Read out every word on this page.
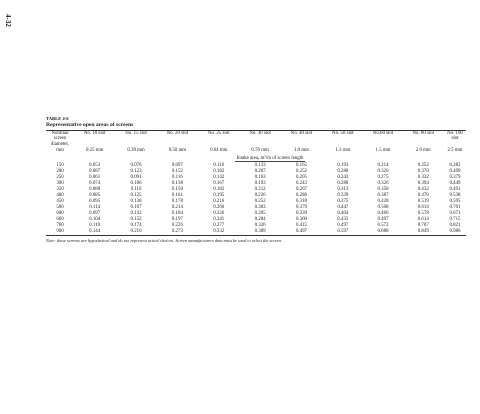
4-32
TABLE 4-6
Representative open areas of screens
Nominal
screen
diameter,	No. 10 slot	No. 15 slot	No. 20 slot	No. 25 slot	No. 30 slot	No. 40 slot	No. 50 slot	No.60 slot	No. 80 slot	No. 100 slot
mm	0.25 mm	0.38 mm	0.50 mm	0.64 mm	0.76 mm	1.0 mm	1.3 mm	1.5 mm	2.0 mm	2.5 mm
	Intake area, m²/m of screen length									
150	0.053	0.076	0.097	0.116	0.133	0.165	0.193	0.214	0.252	0.282
200	0.087	0.123	0.152	0.182	0.207	0.252	0.288	0.320	0.370	0.409
250	0.061	0.091	0.116	0.142	0.163	0.205	0.243	0.275	0.332	0.379
300	0.074	0.106	0.138	0.167	0.193	0.243	0.288	0.326	0.394	0.449
350	0.080	0.116	0.150	0.182	0.212	0.267	0.313	0.358	0.432	0.491
400	0.085	0.125	0.161	0.195	0.226	0.286	0.339	0.387	0.470	0.538
450	0.095	0.138	0.178	0.216	0.252	0.318	0.375	0.428	0.519	0.595
500	0.114	0.167	0.214	0.260	0.303	0.379	0.447	0.508	0.614	0.701
600	0.097	0.142	0.184	0.226	0.265	0.339	0.404	0.466	0.578	0.671
660	0.104	0.152	0.197	0.241	0.284	0.360	0.432	0.497	0.614	0.715
760	0.119	0.174	0.226	0.277	0.326	0.415	0.497	0.572	0.707	0.821
900	0.144	0.210	0.273	0.332	0.389	0.497	0.597	0.688	0.849	0.986
Note: these screens are hypothetical and do not represent actual choices. Screen manufacturers data must be used to select the screen.
